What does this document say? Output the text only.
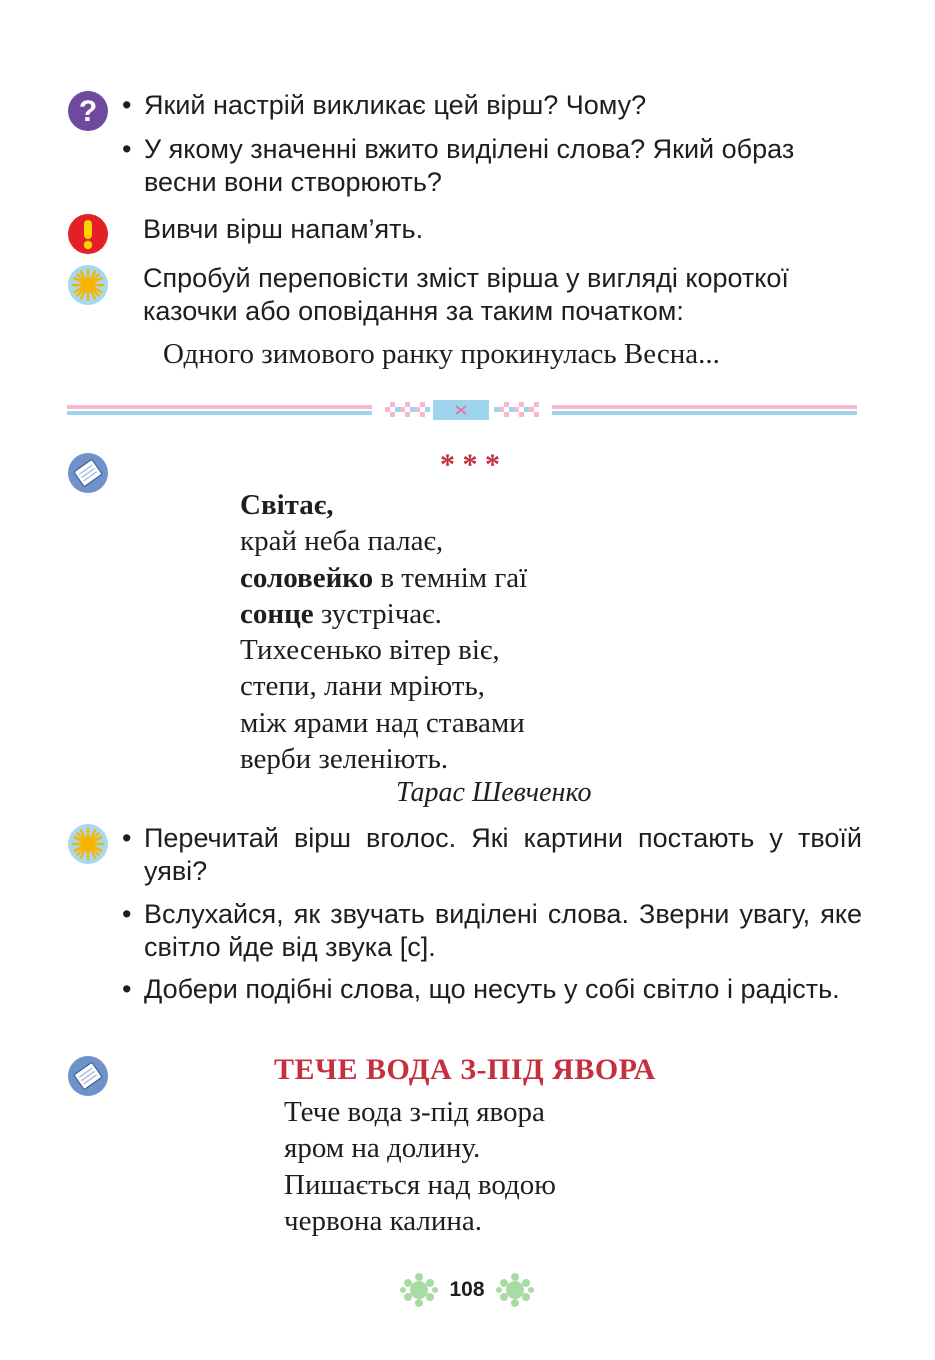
? • Який настрій викликає цей вірш? Чому?
• У якому значенні вжито виділені слова? Який образ весни вони створюють?
Вивчи вірш напам’ять.
Спробуй переповісти зміст вірша у вигляді короткої казочки або оповідання за таким початком:
Одного зимового ранку прокинулась Весна...
* * *
Світає,
край неба палає,
соловейко в темнім гаї
сонце зустрічає.
Тихесенько вітер віє,
степи, лани мріють,
між ярами над ставами
верби зеленіють.
Тарас Шевченко
• Перечитай вірш вголос. Які картини постають у твоїй уяві?
• Вслухайся, як звучать виділені слова. Зверни увагу, яке світло йде від звука [с].
• Добери подібні слова, що несуть у собі світло і радість.
ТЕЧЕ ВОДА З-ПІД ЯВОРА
Тече вода з-під явора
яром на долину.
Пишається над водою
червона калина.
108
